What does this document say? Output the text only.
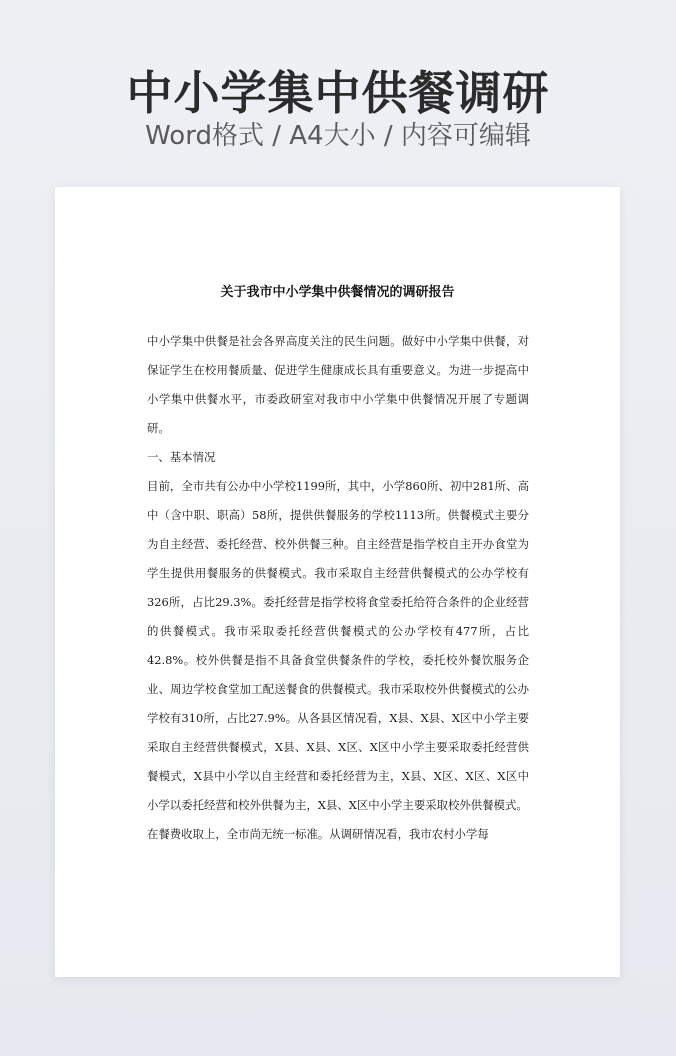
中小学集中供餐调研
Word格式 / A4大小 / 内容可编辑
关于我市中小学集中供餐情况的调研报告

中小学集中供餐是社会各界高度关注的民生问题。做好中小学集中供餐，对保证学生在校用餐质量、促进学生健康成长具有重要意义。为进一步提高中小学集中供餐水平，市委政研室对我市中小学集中供餐情况开展了专题调研。

一、基本情况

目前，全市共有公办中小学校1199所，其中，小学860所、初中281所、高中（含中职、职高）58所，提供供餐服务的学校1113所。供餐模式主要分为自主经营、委托经营、校外供餐三种。自主经营是指学校自主开办食堂为学生提供用餐服务的供餐模式。我市采取自主经营供餐模式的公办学校有326所，占比29.3%。委托经营是指学校将食堂委托给符合条件的企业经营的供餐模式。我市采取委托经营供餐模式的公办学校有477所，占比42.8%。校外供餐是指不具备食堂供餐条件的学校，委托校外餐饮服务企业、周边学校食堂加工配送餐食的供餐模式。我市采取校外供餐模式的公办学校有310所，占比27.9%。从各县区情况看，X县、X县、X区中小学主要采取自主经营供餐模式，X县、X县、X区、X区中小学主要采取委托经营供餐模式，X县中小学以自主经营和委托经营为主，X县、X区、X区、X区中小学以委托经营和校外供餐为主，X县、X区中小学主要采取校外供餐模式。

在餐费收取上，全市尚无统一标准。从调研情况看，我市农村小学每
